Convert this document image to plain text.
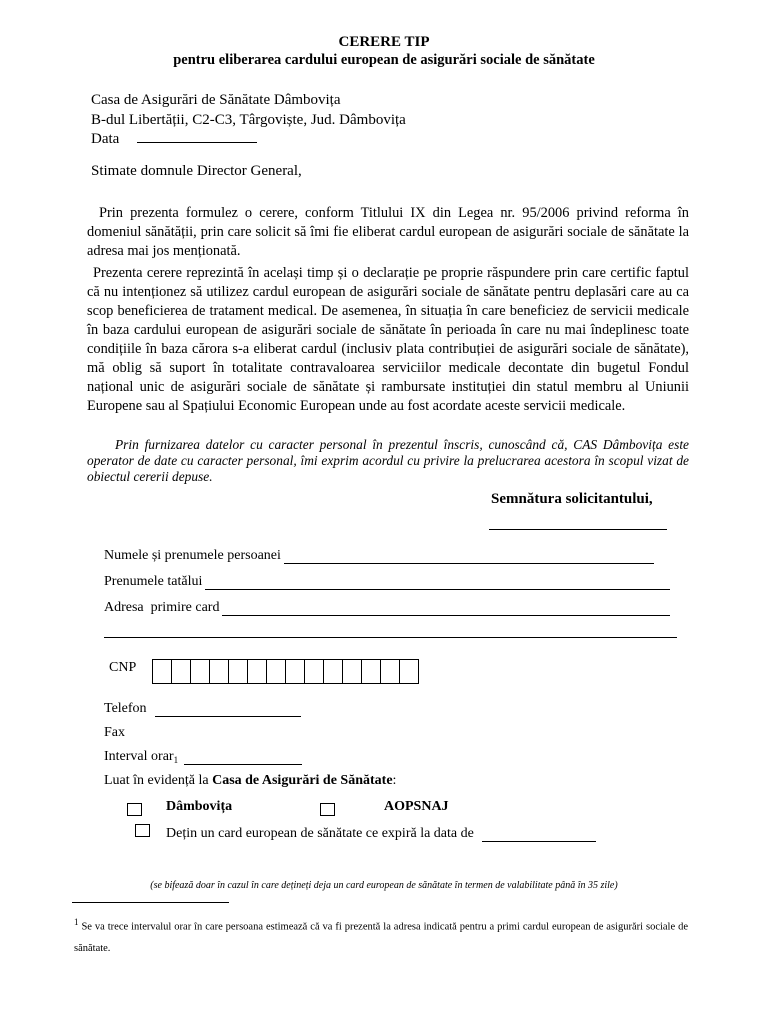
CERERE TIP
pentru eliberarea cardului european de asigurări sociale de sănătate
Casa de Asigurări de Sănătate Dâmbovița
B-dul Libertății, C2-C3, Târgoviște, Jud. Dâmbovița
Data
Stimate domnule Director General,
Prin prezenta formulez o cerere, conform Titlului IX din Legea nr. 95/2006 privind reforma în domeniul sănătății, prin care solicit să îmi fie eliberat cardul european de asigurări sociale de sănătate la adresa mai jos menționată.
Prezenta cerere reprezintă în același timp și o declarație pe proprie răspundere prin care certific faptul că nu intenționez să utilizez cardul european de asigurări sociale de sănătate pentru deplasări care au ca scop beneficierea de tratament medical. De asemenea, în situația în care beneficiez de servicii medicale în baza cardului european de asigurări sociale de sănătate în perioada în care nu mai îndeplinesc toate condițiile în baza cărora s-a eliberat cardul (inclusiv plata contribuției de asigurări sociale de sănătate), mă oblig să suport în totalitate contravaloarea serviciilor medicale decontate din bugetul Fondul național unic de asigurări sociale de sănătate și rambursate instituției din statul membru al Uniunii Europene sau al Spațiului Economic European unde au fost acordate aceste servicii medicale.
Prin furnizarea datelor cu caracter personal în prezentul înscris, cunoscând că, CAS Dâmbovița este operator de date cu caracter personal, îmi exprim acordul cu privire la prelucrarea acestora în scopul vizat de obiectul cererii depuse.
Semnătura solicitantului,
Numele și prenumele persoanei
Prenumele tatălui
Adresa  primire card
CNP
Telefon
Fax
Interval orar 1
Luat în evidență la Casa de Asigurări de Sănătate :
Dâmbovița	AOPSNAJ
Dețin un card european de sănătate ce expiră la data de
(se bifează doar în cazul în care dețineți deja un card european de sănătate în termen de valabilitate până în 35 zile)
1 Se va trece intervalul orar în care persoana estimează că va fi prezentă la adresa indicată pentru a primi cardul european de asigurări sociale de sănătate.
